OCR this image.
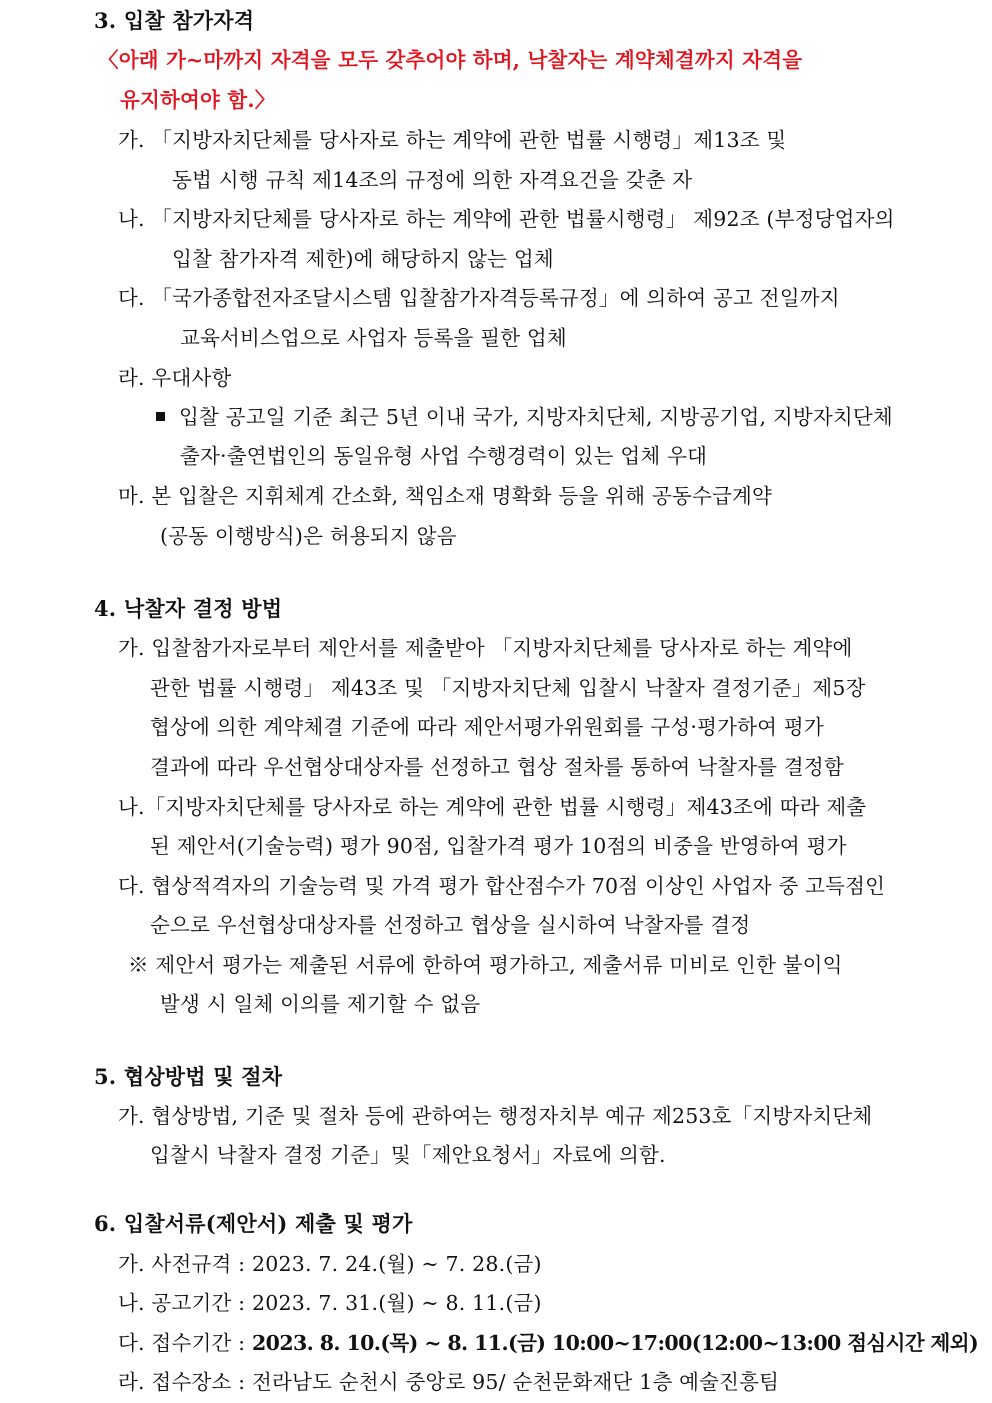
3. 입찰 참가자격
〈아래 가~마까지 자격을 모두 갖추어야 하며, 낙찰자는 계약체결까지 자격을
유지하여야 함.〉
가. 「지방자치단체를 당사자로 하는 계약에 관한 법률 시행령」제13조 및
동법 시행 규칙 제14조의 규정에 의한 자격요건을 갖춘 자
나. 「지방자치단체를 당사자로 하는 계약에 관한 법률시행령」 제92조 (부정당업자의
입찰 참가자격 제한)에 해당하지 않는 업체
다. 「국가종합전자조달시스템 입찰참가자격등록규정」에 의하여 공고 전일까지
교육서비스업으로 사업자 등록을 필한 업체
라. 우대사항
입찰 공고일 기준 최근 5년 이내 국가, 지방자치단체, 지방공기업, 지방자치단체
출자·출연법인의 동일유형 사업 수행경력이 있는 업체 우대
마. 본 입찰은 지휘체계 간소화, 책임소재 명확화 등을 위해 공동수급계약
(공동 이행방식)은 허용되지 않음
4. 낙찰자 결정 방법
가. 입찰참가자로부터 제안서를 제출받아 「지방자치단체를 당사자로 하는 계약에
관한 법률 시행령」 제43조 및 「지방자치단체 입찰시 낙찰자 결정기준」제5장
협상에 의한 계약체결 기준에 따라 제안서평가위원회를 구성·평가하여 평가
결과에 따라 우선협상대상자를 선정하고 협상 절차를 통하여 낙찰자를 결정함
나.「지방자치단체를 당사자로 하는 계약에 관한 법률 시행령」제43조에 따라 제출
된 제안서(기술능력) 평가 90점, 입찰가격 평가 10점의 비중을 반영하여 평가
다. 협상적격자의 기술능력 및 가격 평가 합산점수가 70점 이상인 사업자 중 고득점인
순으로 우선협상대상자를 선정하고 협상을 실시하여 낙찰자를 결정
※ 제안서 평가는 제출된 서류에 한하여 평가하고, 제출서류 미비로 인한 불이익
발생 시 일체 이의를 제기할 수 없음
5. 협상방법 및 절차
가. 협상방법, 기준 및 절차 등에 관하여는 행정자치부 예규 제253호「지방자치단체
입찰시 낙찰자 결정 기준」및「제안요청서」자료에 의함.
6. 입찰서류(제안서) 제출 및 평가
가. 사전규격 : 2023. 7. 24.(월) ~ 7. 28.(금)
나. 공고기간 : 2023. 7. 31.(월) ~ 8. 11.(금)
다. 접수기간 : 2023. 8. 10.(목) ~ 8. 11.(금) 10:00~17:00(12:00~13:00 점심시간 제외)
라. 접수장소 : 전라남도 순천시 중앙로 95/ 순천문화재단 1층 예술진흥팀
